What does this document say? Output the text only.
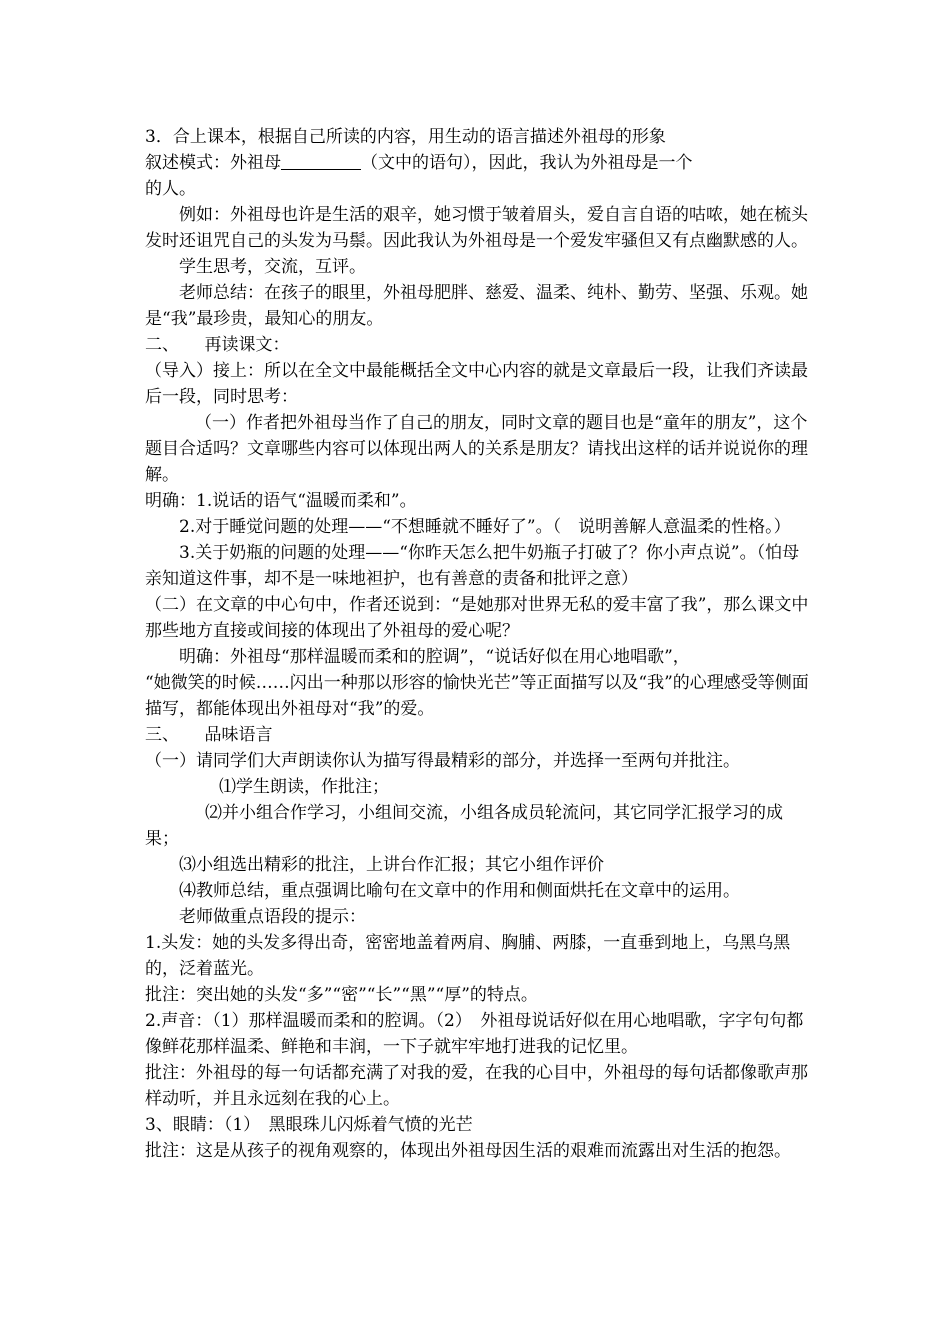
3．合上课本，根据自己所读的内容，用生动的语言描述外祖母的形象

叙述模式：外祖母	（文中的语句），因此，我认为外祖母是一个

的人。

例如：外祖母也许是生活的艰辛，她习惯于皱着眉头，爱自言自语的咕哝，她在梳头发时还诅咒自己的头发为马鬃。因此我认为外祖母是一个爱发牢骚但又有点幽默感的人。

学生思考，交流，互评。

老师总结：在孩子的眼里，外祖母肥胖、慈爱、温柔、纯朴、勤劳、坚强、乐观。她是“我”最珍贵，最知心的朋友。

二、　　再读课文：

（导入）接上：所以在全文中最能概括全文中心内容的就是文章最后一段，让我们齐读最后一段，同时思考：

（一）作者把外祖母当作了自己的朋友，同时文章的题目也是“童年的朋友”，这个题目合适吗？文章哪些内容可以体现出两人的关系是朋友？请找出这样的话并说说你的理解。

明确：1.说话的语气“温暖而柔和”。

2.对于睡觉问题的处理——“不想睡就不睡好了”。（　说明善解人意温柔的性格。）

3.关于奶瓶的问题的处理——“你昨天怎么把牛奶瓶子打破了？你小声点说”。（怕母亲知道这件事，却不是一味地袒护，也有善意的责备和批评之意）

（二）在文章的中心句中，作者还说到：“是她那对世界无私的爱丰富了我”，那么课文中那些地方直接或间接的体现出了外祖母的爱心呢？

明确：外祖母“那样温暖而柔和的腔调”，“说话好似在用心地唱歌”，

“她微笑的时候……闪出一种那以形容的愉快光芒”等正面描写以及“我”的心理感受等侧面描写，都能体现出外祖母对“我”的爱。

三、　　品味语言

（一）请同学们大声朗读你认为描写得最精彩的部分，并选择一至两句并批注。

⑴学生朗读，作批注；

⑵并小组合作学习，小组间交流，小组各成员轮流问，其它同学汇报学习的成果；

⑶小组选出精彩的批注，上讲台作汇报；其它小组作评价

⑷教师总结，重点强调比喻句在文章中的作用和侧面烘托在文章中的运用。

老师做重点语段的提示：

1.头发：她的头发多得出奇，密密地盖着两肩、胸脯、两膝，一直垂到地上，乌黑乌黑的，泛着蓝光。

批注：突出她的头发“多”“密”“长”“黑”“厚”的特点。

2.声音：（1）那样温暖而柔和的腔调。（2）　外祖母说话好似在用心地唱歌，字字句句都像鲜花那样温柔、鲜艳和丰润，一下子就牢牢地打进我的记忆里。

批注：外祖母的每一句话都充满了对我的爱，在我的心目中，外祖母的每句话都像歌声那样动听，并且永远刻在我的心上。

3、眼睛：（1）　黑眼珠儿闪烁着气愤的光芒

批注：这是从孩子的视角观察的，体现出外祖母因生活的艰难而流露出对生活的抱怨。
